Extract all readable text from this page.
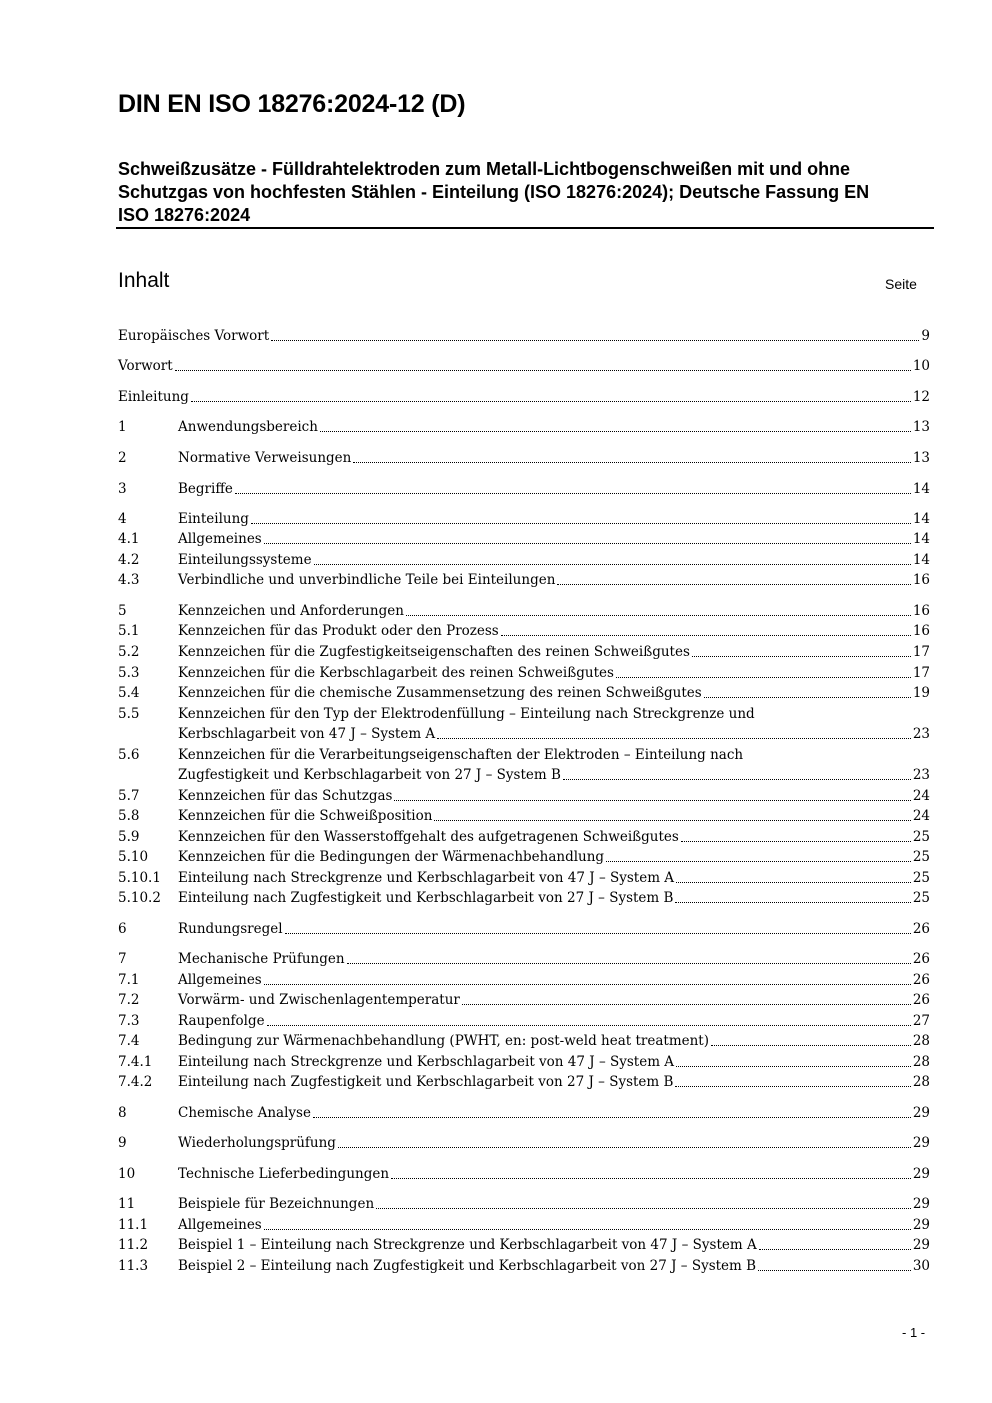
DIN EN ISO 18276:2024-12 (D)
Schweißzusätze - Fülldrahtelektroden zum Metall-Lichtbogenschweißen mit und ohne Schutzgas von hochfesten Stählen - Einteilung (ISO 18276:2024); Deutsche Fassung EN ISO 18276:2024
Inhalt	Seite
Europäisches Vorwort	9
Vorwort	10
Einleitung	12
1	Anwendungsbereich	13
2	Normative Verweisungen	13
3	Begriffe	14
4	Einteilung	14
4.1	Allgemeines	14
4.2	Einteilungssysteme	14
4.3	Verbindliche und unverbindliche Teile bei Einteilungen	16
5	Kennzeichen und Anforderungen	16
5.1	Kennzeichen für das Produkt oder den Prozess	16
5.2	Kennzeichen für die Zugfestigkeitseigenschaften des reinen Schweißgutes	17
5.3	Kennzeichen für die Kerbschlagarbeit des reinen Schweißgutes	17
5.4	Kennzeichen für die chemische Zusammensetzung des reinen Schweißgutes	19
5.5	Kennzeichen für den Typ der Elektrodenfüllung – Einteilung nach Streckgrenze und
Kerbschlagarbeit von 47 J – System A	23
5.6	Kennzeichen für die Verarbeitungseigenschaften der Elektroden – Einteilung nach
Zugfestigkeit und Kerbschlagarbeit von 27 J – System B	23
5.7	Kennzeichen für das Schutzgas	24
5.8	Kennzeichen für die Schweißposition	24
5.9	Kennzeichen für den Wasserstoffgehalt des aufgetragenen Schweißgutes	25
5.10 Kennzeichen für die Bedingungen der Wärmenachbehandlung	25
5.10.1 Einteilung nach Streckgrenze und Kerbschlagarbeit von 47 J – System A	25
5.10.2 Einteilung nach Zugfestigkeit und Kerbschlagarbeit von 27 J – System B	25
6	Rundungsregel	26
7	Mechanische Prüfungen	26
7.1	Allgemeines	26
7.2	Vorwärm- und Zwischenlagentemperatur	26
7.3	Raupenfolge	27
7.4	Bedingung zur Wärmenachbehandlung (PWHT, en: post-weld heat treatment)	28
7.4.1 Einteilung nach Streckgrenze und Kerbschlagarbeit von 47 J – System A	28
7.4.2 Einteilung nach Zugfestigkeit und Kerbschlagarbeit von 27 J – System B	28
8	Chemische Analyse	29
9	Wiederholungsprüfung	29
10	Technische Lieferbedingungen	29
11	Beispiele für Bezeichnungen	29
11.1 Allgemeines	29
11.2 Beispiel 1 – Einteilung nach Streckgrenze und Kerbschlagarbeit von 47 J – System A	29
11.3 Beispiel 2 – Einteilung nach Zugfestigkeit und Kerbschlagarbeit von 27 J – System B	30
- 1 -
